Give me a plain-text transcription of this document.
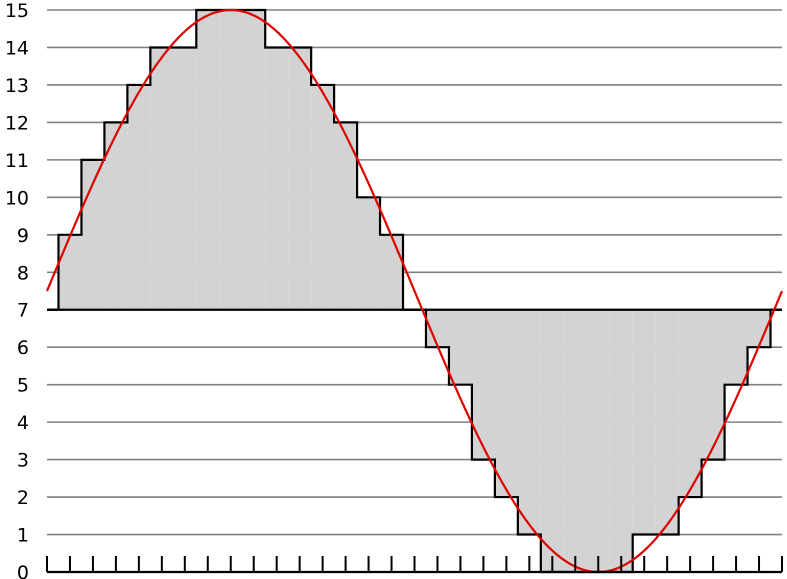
0
1
2
3
4
5
6
7
8
9
10
11
12
13
14
15
